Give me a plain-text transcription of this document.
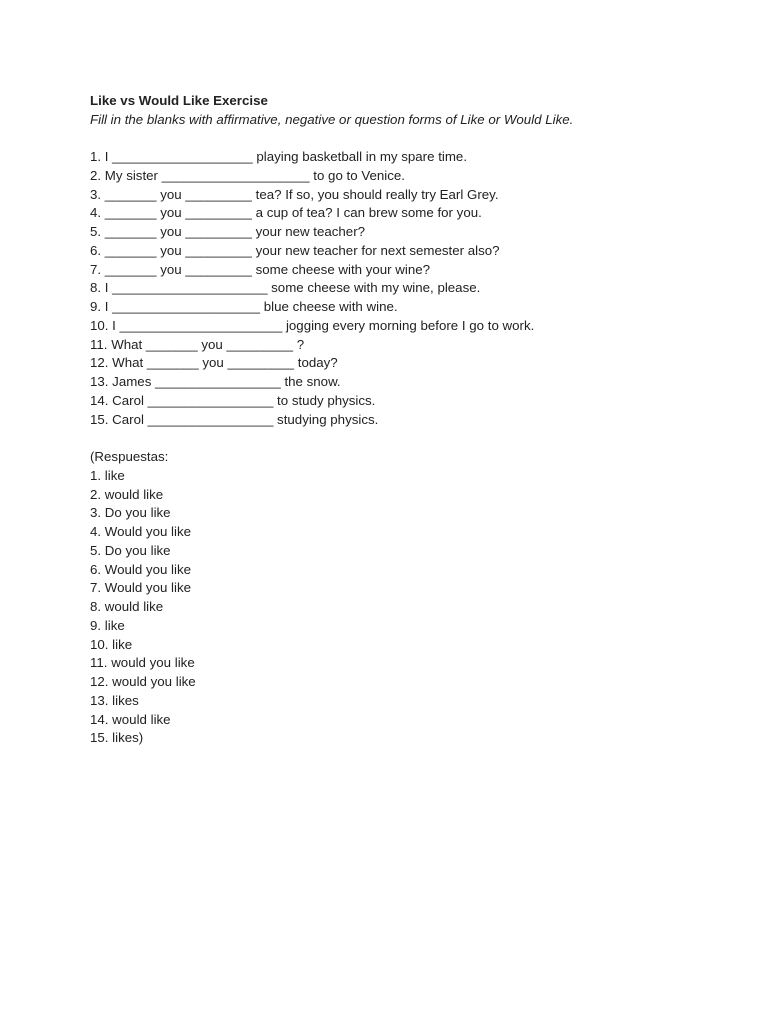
Like vs Would Like Exercise

Fill in the blanks with affirmative, negative or question forms of Like or Would Like.

1. I ___________________ playing basketball in my spare time.

2. My sister ____________________ to go to Venice.

3. _______ you _________ tea? If so, you should really try Earl Grey.

4. _______ you _________ a cup of tea? I can brew some for you.

5. _______ you _________ your new teacher?

6. _______ you _________ your new teacher for next semester also?

7. _______ you _________ some cheese with your wine?

8. I _____________________ some cheese with my wine, please.

9. I ____________________ blue cheese with wine.

10. I ______________________ jogging every morning before I go to work.

11. What _______ you _________ ?

12. What _______ you _________ today?

13. James _________________ the snow.

14. Carol _________________ to study physics.

15. Carol _________________ studying physics.

(Respuestas:

1. like

2. would like

3. Do you like

4. Would you like

5. Do you like

6. Would you like

7. Would you like

8. would like

9. like

10. like

11. would you like

12. would you like

13. likes

14. would like

15. likes)
